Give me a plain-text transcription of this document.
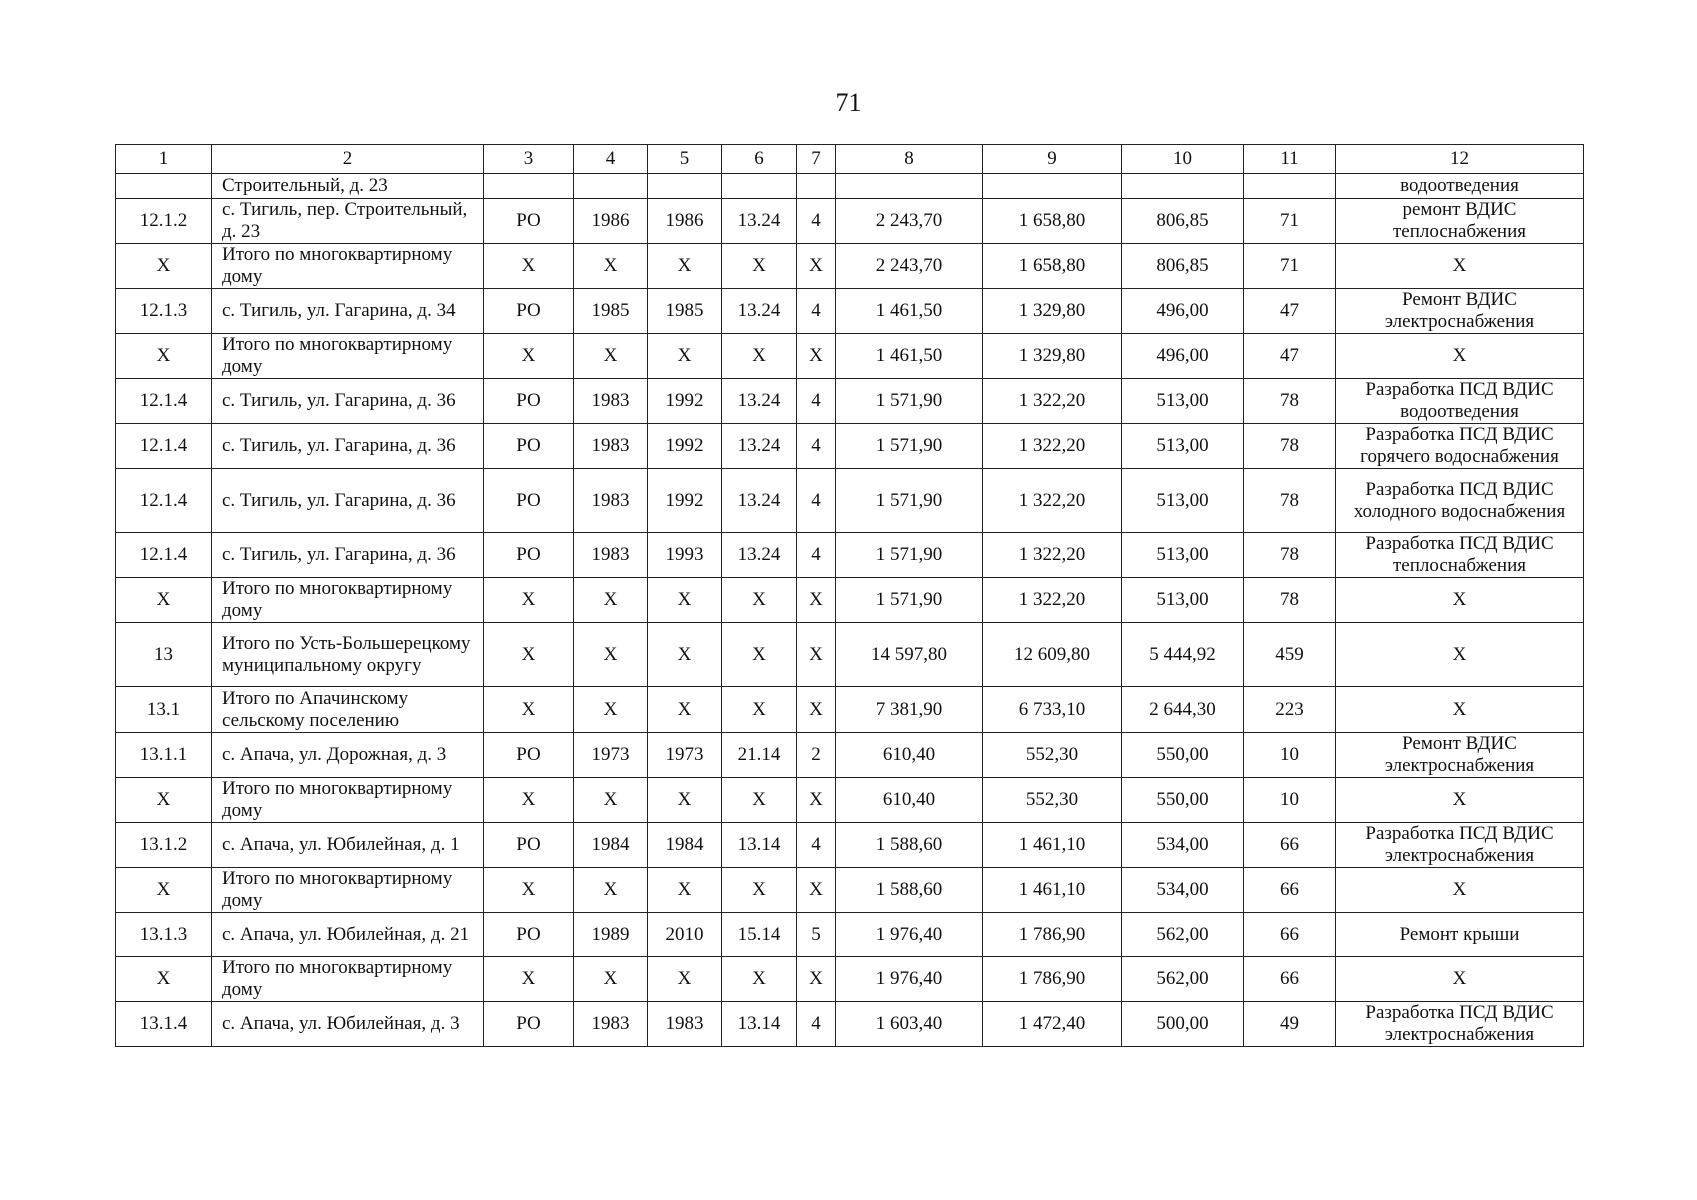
71
1	2	3	4	5	6	7	8	9	10	11	12
	Строительный, д. 23										водоотведения
12.1.2	с. Тигиль, пер. Строительный, д. 23	РО	1986	1986	13.24	4	2 243,70	1 658,80	806,85	71	ремонт ВДИС теплоснабжения
Х	Итого по многоквартирному дому	Х	Х	Х	Х	Х	2 243,70	1 658,80	806,85	71	Х
12.1.3	с. Тигиль, ул. Гагарина, д. 34	РО	1985	1985	13.24	4	1 461,50	1 329,80	496,00	47	Ремонт ВДИС электроснабжения
Х	Итого по многоквартирному дому	Х	Х	Х	Х	Х	1 461,50	1 329,80	496,00	47	Х
12.1.4	с. Тигиль, ул. Гагарина, д. 36	РО	1983	1992	13.24	4	1 571,90	1 322,20	513,00	78	Разработка ПСД ВДИС водоотведения
12.1.4	с. Тигиль, ул. Гагарина, д. 36	РО	1983	1992	13.24	4	1 571,90	1 322,20	513,00	78	Разработка ПСД ВДИС горячего водоснабжения
12.1.4	с. Тигиль, ул. Гагарина, д. 36	РО	1983	1992	13.24	4	1 571,90	1 322,20	513,00	78	Разработка ПСД ВДИС холодного водоснабжения
12.1.4	с. Тигиль, ул. Гагарина, д. 36	РО	1983	1993	13.24	4	1 571,90	1 322,20	513,00	78	Разработка ПСД ВДИС теплоснабжения
Х	Итого по многоквартирному дому	Х	Х	Х	Х	Х	1 571,90	1 322,20	513,00	78	Х
13	Итого по Усть-Большерецкому муниципальному округу	Х	Х	Х	Х	Х	14 597,80	12 609,80	5 444,92	459	Х
13.1	Итого по Апачинскому сельскому поселению	Х	Х	Х	Х	Х	7 381,90	6 733,10	2 644,30	223	Х
13.1.1	с. Апача, ул. Дорожная, д. 3	РО	1973	1973	21.14	2	610,40	552,30	550,00	10	Ремонт ВДИС электроснабжения
Х	Итого по многоквартирному дому	Х	Х	Х	Х	Х	610,40	552,30	550,00	10	Х
13.1.2	с. Апача, ул. Юбилейная, д. 1	РО	1984	1984	13.14	4	1 588,60	1 461,10	534,00	66	Разработка ПСД ВДИС электроснабжения
Х	Итого по многоквартирному дому	Х	Х	Х	Х	Х	1 588,60	1 461,10	534,00	66	Х
13.1.3	с. Апача, ул. Юбилейная, д. 21	РО	1989	2010	15.14	5	1 976,40	1 786,90	562,00	66	Ремонт крыши
Х	Итого по многоквартирному дому	Х	Х	Х	Х	Х	1 976,40	1 786,90	562,00	66	Х
13.1.4	с. Апача, ул. Юбилейная, д. 3	РО	1983	1983	13.14	4	1 603,40	1 472,40	500,00	49	Разработка ПСД ВДИС электроснабжения
